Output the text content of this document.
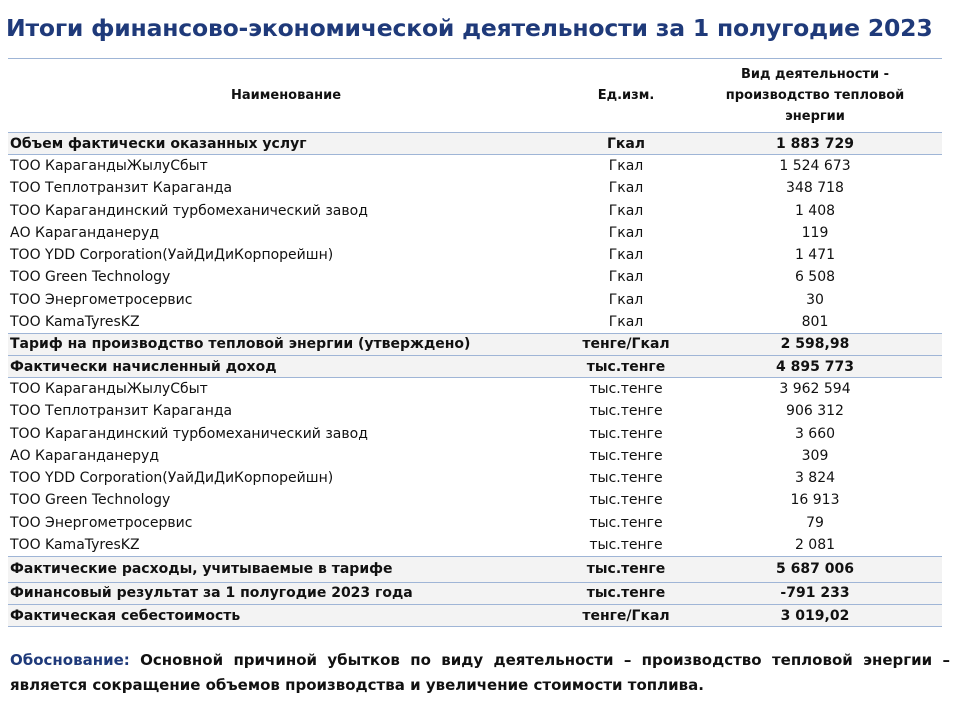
Итоги финансово-экономической деятельности за 1 полугодие 2023
Наименование	Ед.изм.	Вид деятельности - производство тепловой энергии
Объем фактически оказанных услуг	Гкал	1 883 729
ТОО КарагандыЖылуСбыт	Гкал	1 524 673
ТОО Теплотранзит Караганда	Гкал	348 718
ТОО Карагандинский турбомеханический завод	Гкал	1 408
АО Караганданеруд	Гкал	119
ТОО YDD Corporation(УайДиДиКорпорейшн)	Гкал	1 471
ТОО Green Technology	Гкал	6 508
ТОО Энергометросервис	Гкал	30
ТОО KamaTyresKZ	Гкал	801
Тариф на производство тепловой энергии (утверждено)	тенге/Гкал	2 598,98
Фактически начисленный доход	тыс.тенге	4 895 773
ТОО КарагандыЖылуСбыт	тыс.тенге	3 962 594
ТОО Теплотранзит Караганда	тыс.тенге	906 312
ТОО Карагандинский турбомеханический завод	тыс.тенге	3 660
АО Караганданеруд	тыс.тенге	309
ТОО YDD Corporation(УайДиДиКорпорейшн)	тыс.тенге	3 824
ТОО Green Technology	тыс.тенге	16 913
ТОО Энергометросервис	тыс.тенге	79
ТОО KamaTyresKZ	тыс.тенге	2 081
Фактические расходы, учитываемые в тарифе	тыс.тенге	5 687 006
Финансовый результат за 1 полугодие 2023 года	тыс.тенге	-791 233
Фактическая себестоимость	тенге/Гкал	3 019,02
Обоснование: Основной причиной убытков по виду деятельности – производство тепловой энергии – является сокращение объемов производства и увеличение стоимости топлива.
